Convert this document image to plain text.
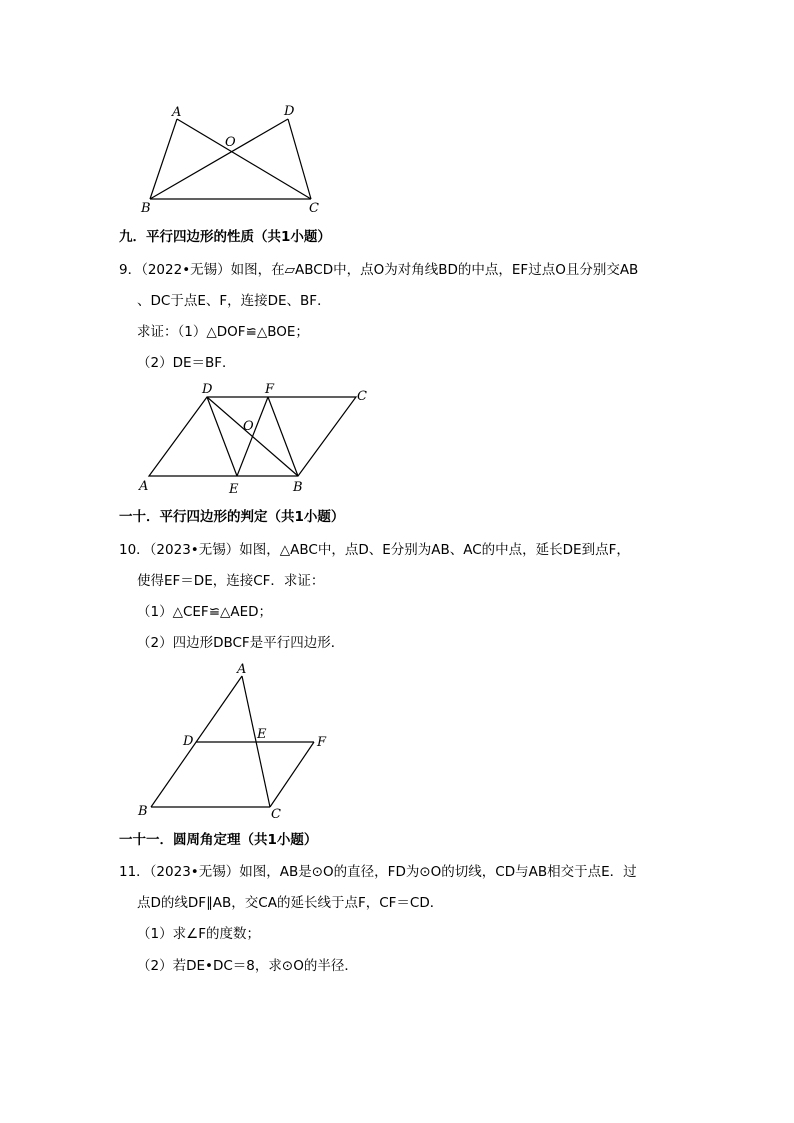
A	D
O
B	C
九．平行四边形的性质（共1小题）
9．（2022•无锡）如图，在▱ABCD中，点O为对角线BD的中点，EF过点O且分别交AB
、DC于点E、F，连接DE、BF．
求证：（1）△DOF≌△BOE；
（2）DE＝BF．
D	F	C
O
A	E	B
一十．平行四边形的判定（共1小题）
10．（2023•无锡）如图，△ABC中，点D、E分别为AB、AC的中点，延长DE到点F，
使得EF＝DE，连接CF．求证：
（1）△CEF≌△AED；
（2）四边形DBCF是平行四边形．
A
D	E
F
B	C
一十一．圆周角定理（共1小题）
11．（2023•无锡）如图，AB是⊙O的直径，FD为⊙O的切线，CD与AB相交于点E．过
点D的线DF∥AB，交CA的延长线于点F，CF＝CD．
（1）求∠F的度数；
（2）若DE•DC＝8，求⊙O的半径．
